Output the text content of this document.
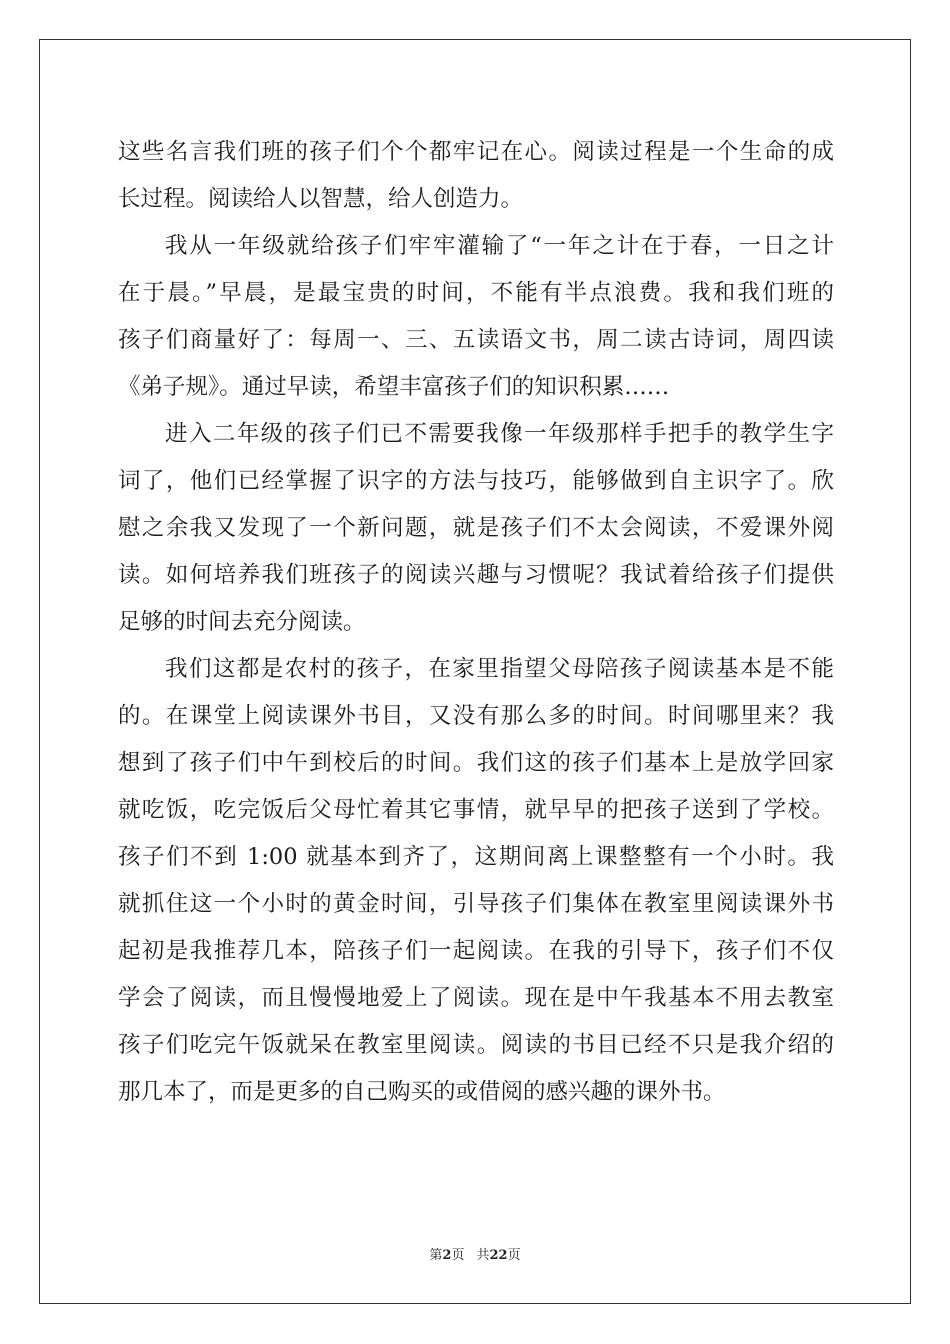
这些名言我们班的孩子们个个都牢记在心。阅读过程是一个生命的成
长过程。阅读给人以智慧，给人创造力。
我从一年级就给孩子们牢牢灌输了“一年之计在于春，一日之计
在于晨。”早晨，是最宝贵的时间，不能有半点浪费。我和我们班的
孩子们商量好了：每周一、三、五读语文书，周二读古诗词，周四读
《弟子规》。通过早读，希望丰富孩子们的知识积累……
进入二年级的孩子们已不需要我像一年级那样手把手的教学生字
词了，他们已经掌握了识字的方法与技巧，能够做到自主识字了。欣
慰之余我又发现了一个新问题，就是孩子们不太会阅读，不爱课外阅
读。如何培养我们班孩子的阅读兴趣与习惯呢？我试着给孩子们提供
足够的时间去充分阅读。
我们这都是农村的孩子，在家里指望父母陪孩子阅读基本是不能
的。在课堂上阅读课外书目，又没有那么多的时间。时间哪里来？我
想到了孩子们中午到校后的时间。我们这的孩子们基本上是放学回家
就吃饭，吃完饭后父母忙着其它事情，就早早的把孩子送到了学校。
孩子们不到 1:00 就基本到齐了，这期间离上课整整有一个小时。我
就抓住这一个小时的黄金时间，引导孩子们集体在教室里阅读课外书
起初是我推荐几本，陪孩子们一起阅读。在我的引导下，孩子们不仅
学会了阅读，而且慢慢地爱上了阅读。现在是中午我基本不用去教室
孩子们吃完午饭就呆在教室里阅读。阅读的书目已经不只是我介绍的
那几本了，而是更多的自己购买的或借阅的感兴趣的课外书。
第2页 共22页
